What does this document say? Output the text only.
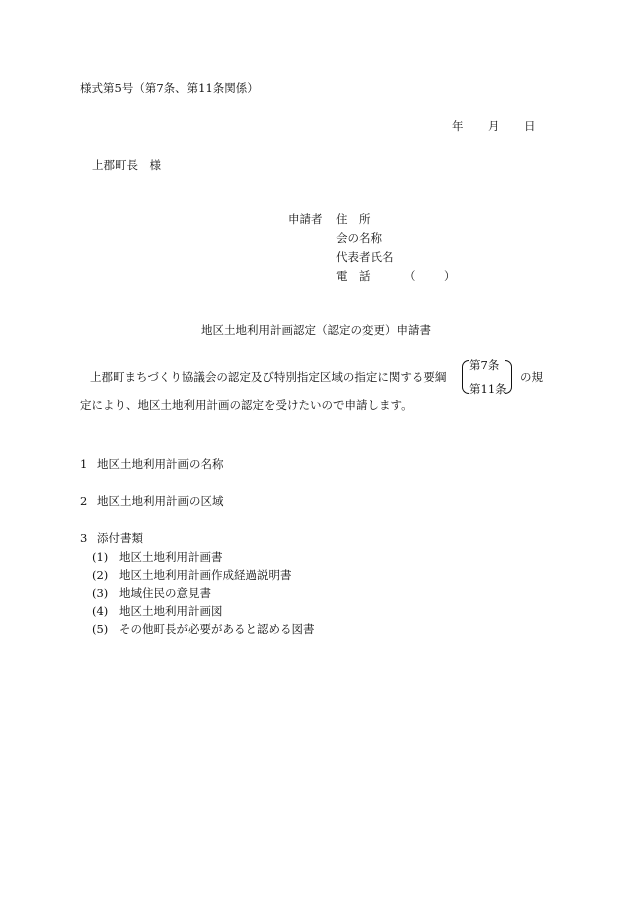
様式第5号（第7条、第11条関係）
年 月 日
上郡町長　様
申請者 住　所
会の名称
代表者氏名
電　話	（ ）
地区土地利用計画認定（認定の変更）申請書
上郡町まちづくり協議会の認定及び特別指定区域の指定に関する要綱
第7条
第11条
の規
定により、地区土地利用計画の認定を受けたいので申請します。
1 地区土地利用計画の名称
2 地区土地利用計画の区域
3 添付書類
(1) 地区土地利用計画書
(2) 地区土地利用計画作成経過説明書
(3) 地域住民の意見書
(4) 地区土地利用計画図
(5) その他町長が必要があると認める図書
